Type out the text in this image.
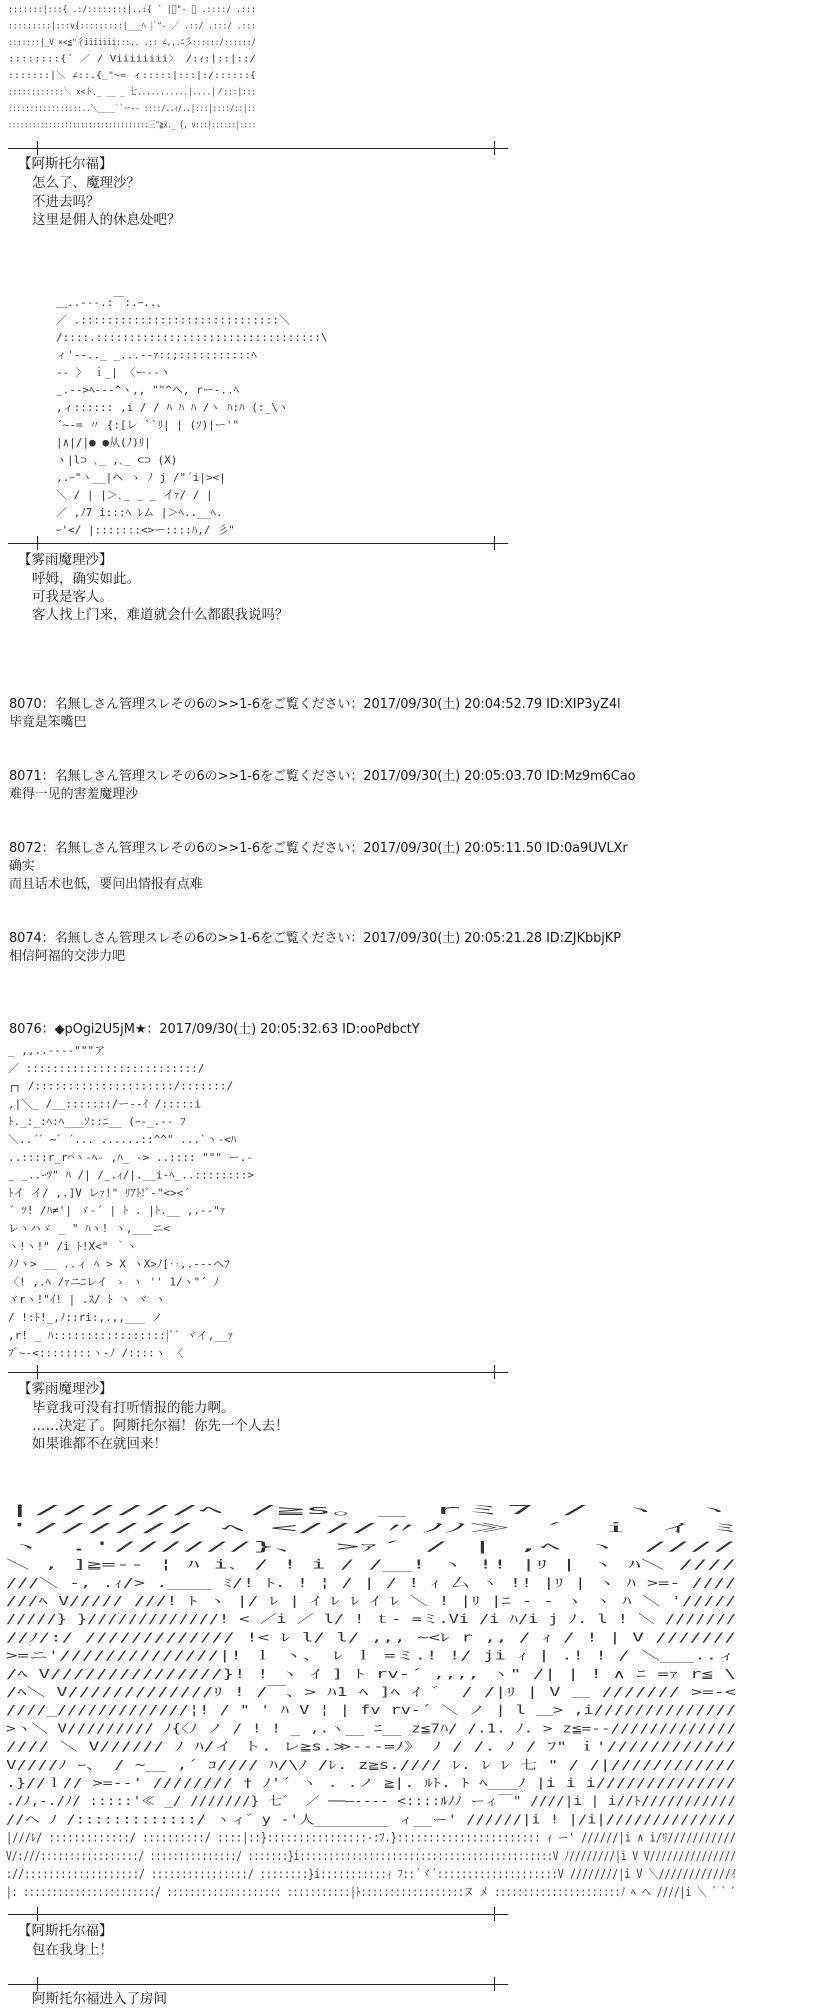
:::::::|:::{ .:/::::::::|..:{ ´ |ﾞ"‐ ／ .::::/ .:::
:::::::::|:::v{:::::::::|___ﾍ |ﾞ"‐ ／ .::/ .:::/ .:::
:::::::|_V ×<≦"彳iiiiiii:::.. .:: ∠,,.ﾆ彡::::::/::::::/
::::::::{´ ／ / Viiiiiiii〉 /:ｨ:|::|::/
:::::::|＼ ∠::.{_"~= ィ:::::|:::|:/::::::{
::::::::::::＼ x<ト､_ __ _ 七...........|....|ノ:::|:::
:::::::::::::::::..＼____``ー-- ::::/..ｨ/..|:::|::::/::|::
:::::::::::::::::::::::::::::::::::三"≧x._ {, v:::|::::::|::::
【阿斯托尔福】
怎么了、魔理沙？
不进去吗？
这里是佣人的休息处吧？
＿..-‐-.:￣:.ｰ..、
／ .::::::::::::::::::::::::::::::＼
/::::.::::::::::::::::::::::::::::::::::\
ィ'‐-.._ _...-‐ｧ::;:::::::::::ﾍ
‐- 〉 ｉ_| 〈ー-‐ヽ
_.-‐>ﾍ--‐^ヽ,, ""^ヘ, rー-..ﾍ
,ィ:::::: ,i / / ﾊ ﾊ ﾊ /ヽ ﾊ:ﾊ (:_\ヽ
´~-= 〃 {:[レ ``ﾘ| | (ｿ)|ー'"
|∧|/|● ●从(ﾉ)ﾘ|
ヽ|l⊃ ､_ ,､_ ⊂⊃ (X)
,.ｰ"ヽ__|ヘ ゝ ﾉ j /"´i|><|
＼ / | |＞､_ _ _ イｧ/ / |
／ ,ﾉ7 i:::ﾍ ﾚム |＞ﾍ..__ﾍ.
ｰ'</ |:::::::<>ー::::ﾊ,/ 彡"
【雾雨魔理沙】
呼姆，确实如此。
可我是客人。
客人找上门来，难道就会什么都跟我说吗？
8070：名無しさん管理スレその6の>>1-6をご覧ください：2017/09/30(土) 20:04:52.79 ID:XIP3yZ4l
毕竟是笨嘴巴
8071：名無しさん管理スレその6の>>1-6をご覧ください：2017/09/30(土) 20:05:03.70 ID:Mz9m6Cao
难得一见的害羞魔理沙
8072：名無しさん管理スレその6の>>1-6をご覧ください：2017/09/30(土) 20:05:11.50 ID:0a9UVLXr
确实
而且话术也低，要问出情报有点难
8074：名無しさん管理スレその6の>>1-6をご覧ください：2017/09/30(土) 20:05:21.28 ID:ZJKbbjKP
相信阿福的交涉力吧
8076：◆pOgi2U5jM★：2017/09/30(土) 20:05:32.63 ID:ooPdbctY
_ ,,..--‐‐"""ア
／ ::::::::::::::::::::::::::/
┌┐ /:::::::::::::::::::::/:::::::/
,|＼_ /__:::::::/ー--ｲ /:::::i
ﾄ._:_:ﾍ:ﾍ___ｿ::ﾆ__ (ｰ-_.‐- ﾌ
＼..´゛~゛´... ......::^^" ...`ヽ-<ﾊ
..::::r_r⌒ヽ-ﾍ- ,ﾊ_ -> ..:::: """ ー.-
_ _..ｰﾂ" ﾊ /| /_.ｨ/|.__i‐ﾍ_..::::::::>
ﾄイ イ/ ,.]V レｧ!" ﾘｱﾄ!ﾞ‐"<><´
´ ﾂ! /ﾊ≠'| ゞ-´ | ﾄ . |ﾄ.__ ,.-‐"ｧ
レヽハゞ _ " ﾊヽ! ヽ,___ニ<
ヽ!ヽ!" /i ﾄ!X<" ｀ヽ
ﾉﾉヽ> __ ..ィ ﾍ > X ヽX>ﾉ[‥,.-‐‐ヘﾌ
〈! ,.ﾍ /ｧニﾆレイ ゝ ヽ '' 1/ヽ"´ ﾉ
ヾrヽ!"ｲ! | .ｽ/ ﾄ ヽ ヾ ヽ
/ !:ﾄ!_,ﾉ::ri:,.,,___ ノ
,r! _ ﾊ:::::::::::::::::|ﾟ゛ヾイ,__ｧ
ﾌﾞ~-<::::::::ヽ-ﾉ /::::ヽ 〈
【雾雨魔理沙】
毕竟我可没有打听情报的能力啊。
……决定了。阿斯托尔福！你先一个人去！
如果谁都不在就回来！
|//////ﾍ /≧s。_ rミ7 / ヽ ヽ
'////// ﾍ <///〃ﾉﾉ≫ ´ ｉ ｲ ﾐ
ヽ .'//////}、 >ｧ´ / | ,ﾍ ヽ ////
＼ , ]≧=-‐ ¦ ﾊ i､ / ! i / /__! ヽ !! |ﾘ | ヽ ﾊ＼ ////
///＼ -, .ｨ/> .____ ﾐ/! ﾄ. ! ¦ / | / ! ｨ 厶 ヽ !! |ﾘ | ヽ ﾊ >=‐ ////
///ﾍ V///// ///! ﾄ ヽ |/ ﾚ | ｲ ﾚ ﾚ ｲ ﾚ ＼ ! |ﾘ |ﾆ ‐ ‐ ヽ ヽ ﾊ ＼ '/////
/////} }/////////////! < ／i ／ l/ ! ｔ- =ミ.Vi /i ﾊ/i j ﾉ. l ! ＼ ///////
//ﾉ/:/ ///////////// !< ﾚ l/ l/ ,,, ~<ﾚ r ,, / ｨ / ! | V ///////
>=ニ'//////////////|! ｌ ヽ、 ﾚ ｌ =ミ.! !/ ji ｨ | .! ! / ＼___..ィ
/ﾍ V///////////////}! ! ヽ ｲ ] ﾄ rv-´ ,,,, ヽ" /| | ! ∧ ﾆ =ｧ r≦ \
/ﾍ＼ V/////////////ﾘ ! /￣、> ﾊ1 ﾍ ]ﾍ ｲ ゛ / /|ﾘ | V ＿ /////// >=‐<
////_/////////////¦! / " ' ﾊ V ¦ | fv rv-´ ＼ ノ | l ＿> ,i//////////////
>ヽ＼ V///////// ﾉ{〈ﾉ ノ / ! ! _ ,.ヽ__ ﾆ__ z≦7ﾊ/ /.1. ﾉ. > z≦=-‐/////////////
//// ＼ V////// ﾉ ﾊ/イ ト. レ≧s.≫-‐‐=ﾉ》 ﾉ / /. ﾉ / ﾌ" ｉ'////////////
V////ﾉ ｰ、 / ~__ ,´ ｺ//// ﾊ/\ﾉ /ﾚ. z≧s.//// ﾚ. ﾚ ﾚ 七 " / /|////////////
.}//ｌ// >=-‐' //////// † ﾉ'´ ヽ . .ノ ≧|. ﾙﾄ. ﾄ ﾍ___ﾉ |i i i//////////////
./ﾉ,-./ﾉ/ :::::'≪ _/ ///////} 七゛ ／ ──―‐-‐‐ <::::ﾙﾉﾉ ーィ￣" ////|i | i//ﾄ///////////
//ヘ ﾉ /:::::::::::::/ ヽィ゛y ‐'人________ ィ__ー' //////|i ! |/i|//////////////
|///ﾚ/ :::::::::::::/ ::::::::::/ ::::|::}::::::::::::::::-:ﾌ.}::::::::::::::::::::::: ｨ ー' //////|i ∧ i/ﾘ///////////
V/:///:::::::::::::::::/ :::::::::::::::/ :::::::}i::::::::::::::::::::::::::::::::::::::::::::V ﾉ////////|i V V///////////////
://:::::::::::::::::::/ ::::::::::::::::/ ::::::::}i:::::::::::ｨ ﾌ::´ヾ´::::::::::::::::::::V ////////|i V ＼////////////ｲ
|: :::::::::::::::::::::::/ :::::::::::::::::::: :::::::::::|ﾄ::::::::::::::::::ヌ メ ::::::::::::::::::::::ﾉ ﾍ ヘ ////|i ＼ ゛゛ﾞ
【阿斯托尔福】
包在我身上！
阿斯托尔福进入了房间
